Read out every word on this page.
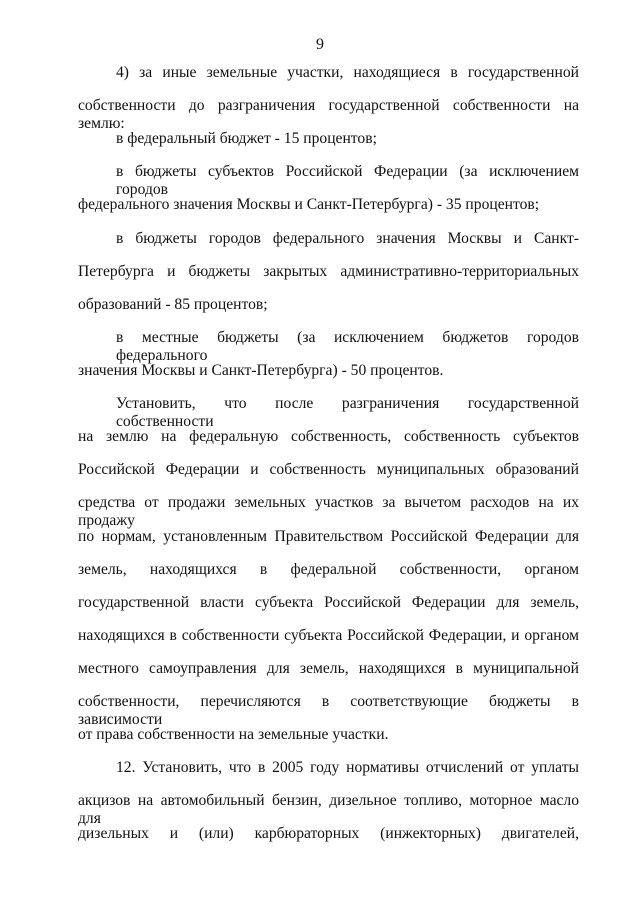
9
4) за иные земельные участки, находящиеся в государственной
собственности до разграничения государственной собственности на землю:
в федеральный бюджет - 15 процентов;
в бюджеты субъектов Российской Федерации (за исключением городов
федерального значения Москвы и Санкт-Петербурга) - 35 процентов;
в бюджеты городов федерального значения Москвы и Санкт-
Петербурга и бюджеты закрытых административно-территориальных
образований - 85 процентов;
в местные бюджеты (за исключением бюджетов городов федерального
значения Москвы и Санкт-Петербурга) - 50 процентов.
Установить, что после разграничения государственной собственности
на землю на федеральную собственность, собственность субъектов
Российской Федерации и собственность муниципальных образований
средства от продажи земельных участков за вычетом расходов на их продажу
по нормам, установленным Правительством Российской Федерации для
земель, находящихся в федеральной собственности, органом
государственной власти субъекта Российской Федерации для земель,
находящихся в собственности субъекта Российской Федерации, и органом
местного самоуправления для земель, находящихся в муниципальной
собственности, перечисляются в соответствующие бюджеты в зависимости
от права собственности на земельные участки.
12. Установить, что в 2005 году нормативы отчислений от уплаты
акцизов на автомобильный бензин, дизельное топливо, моторное масло для
дизельных и (или) карбюраторных (инжекторных) двигателей,
